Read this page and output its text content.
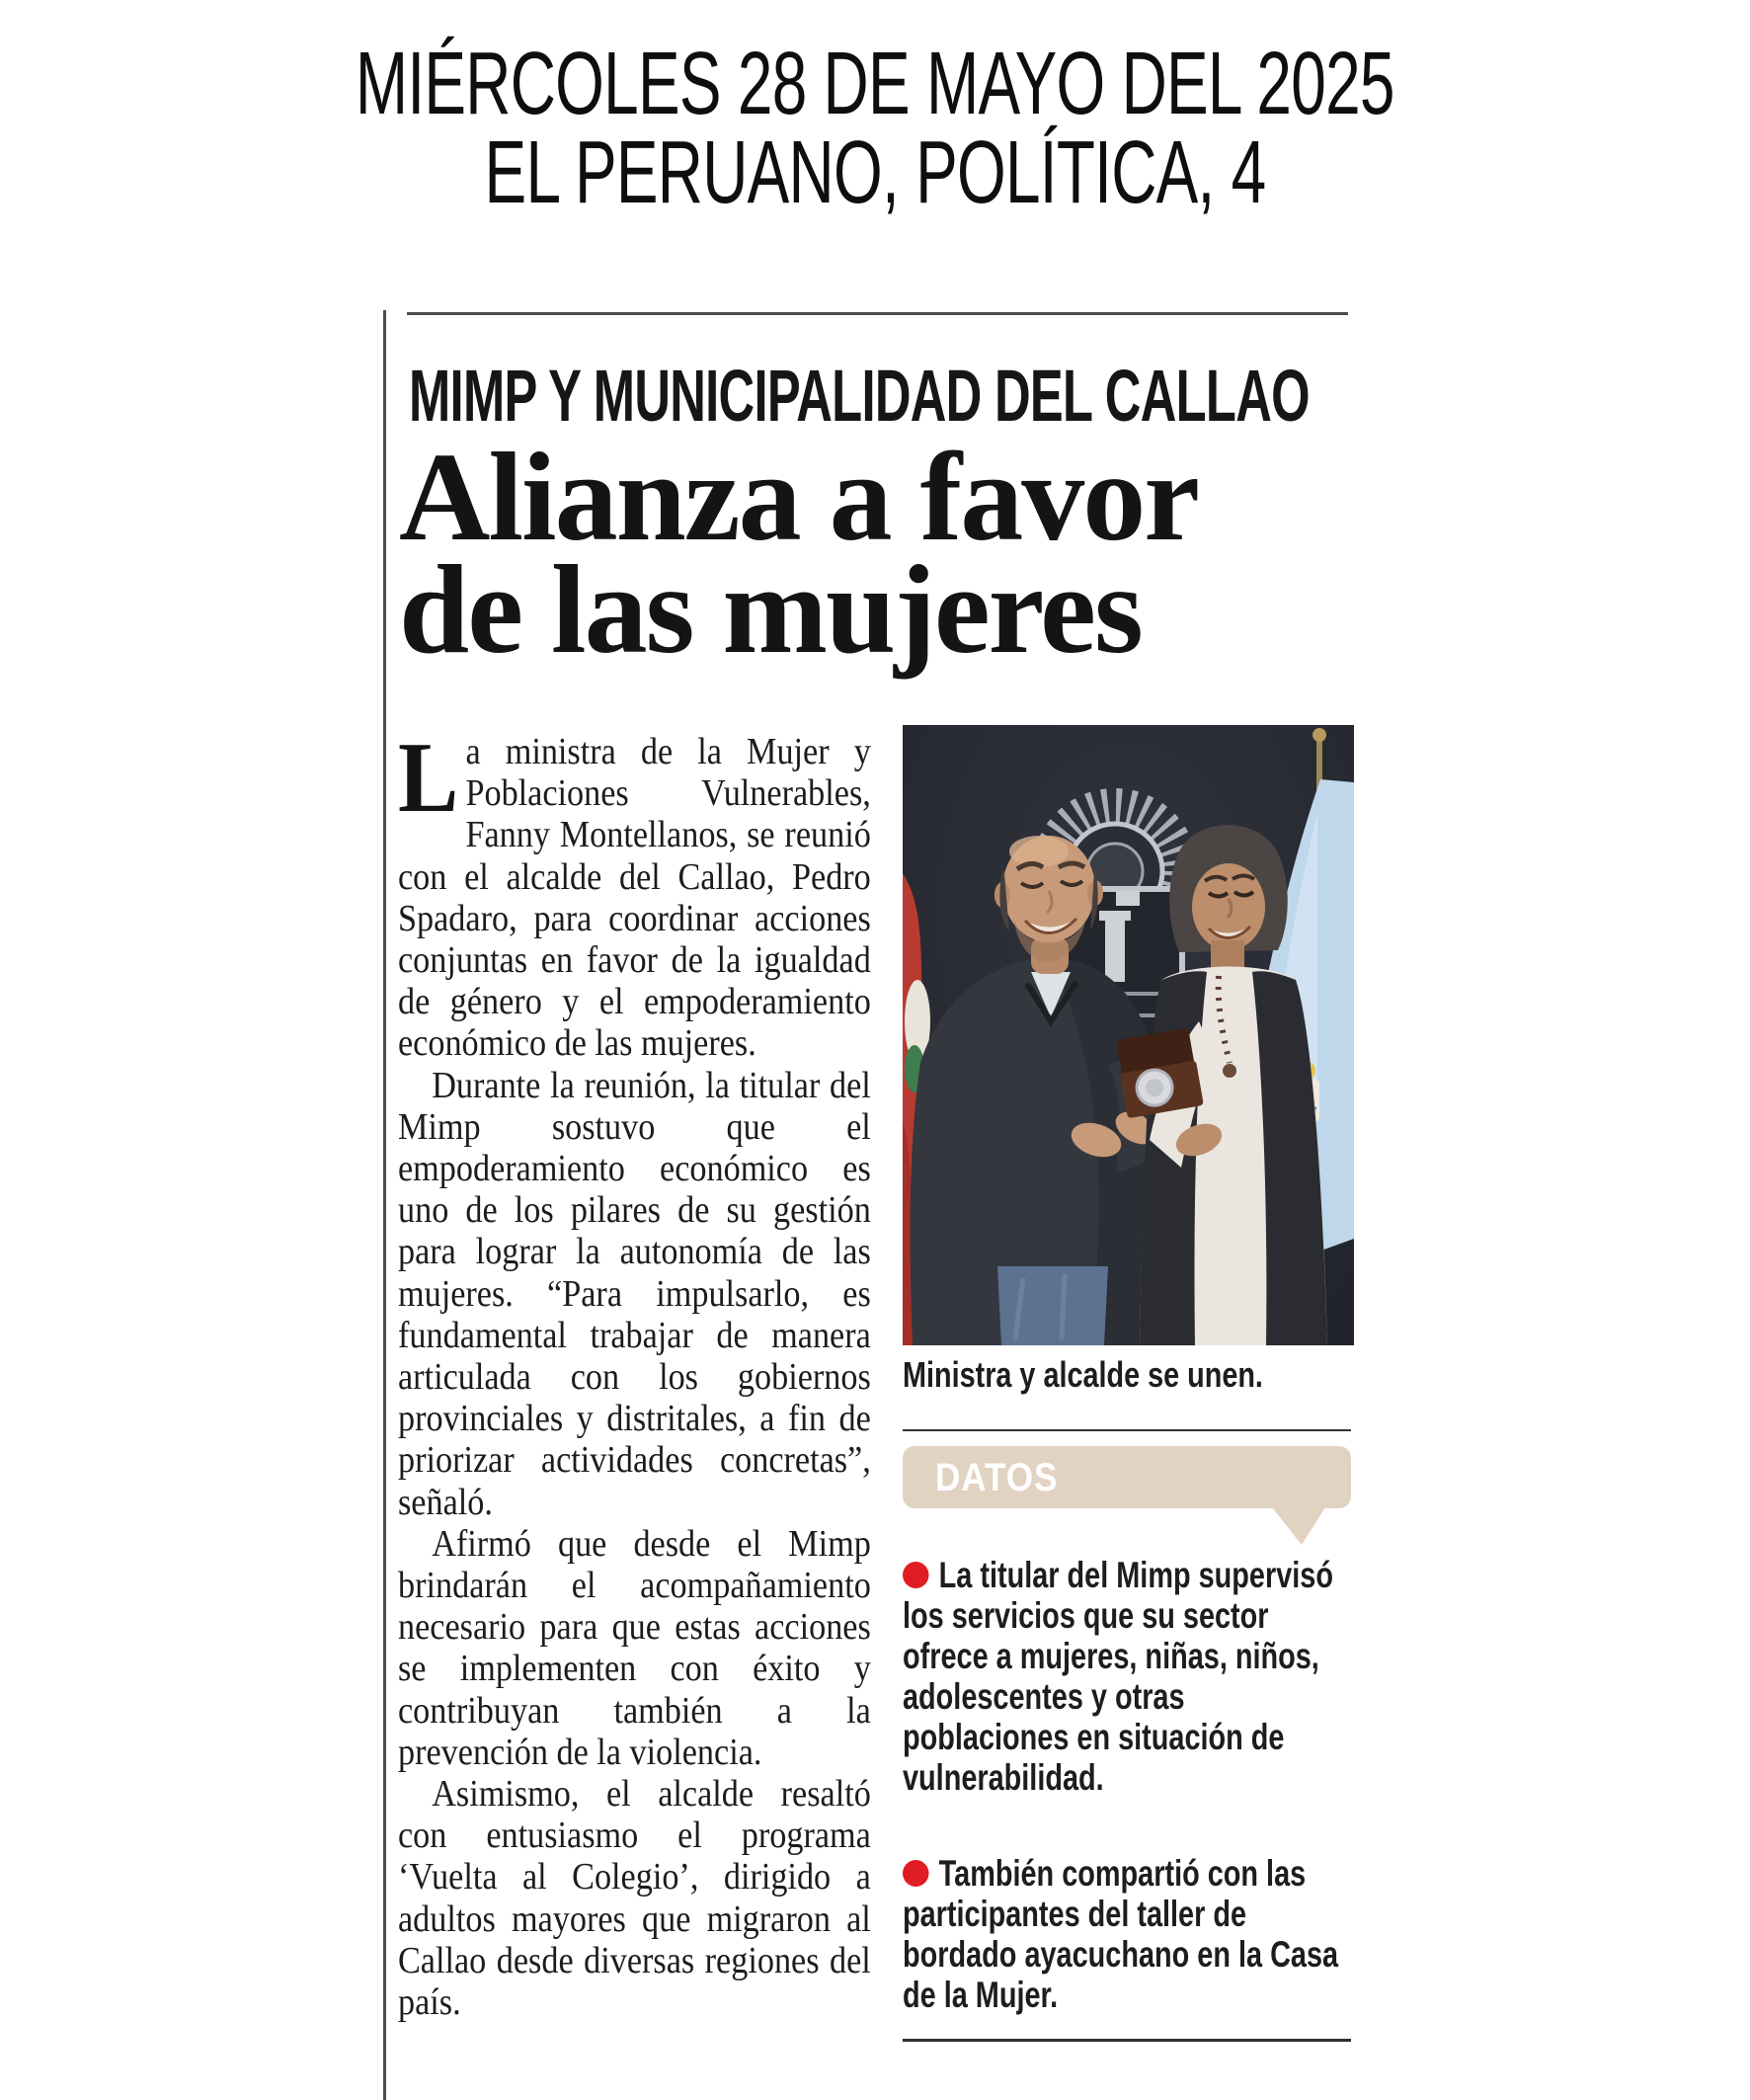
MIÉRCOLES 28 DE MAYO DEL 2025
EL PERUANO, POLÍTICA, 4
MIMP Y MUNICIPALIDAD DEL CALLAO
Alianza a favor
de las mujeres

La ministra de la Mujer y Poblaciones Vulnerables, Fanny Montellanos, se reunió con el alcalde del Callao, Pedro Spadaro, para coordinar acciones conjuntas en favor de la igualdad de género y el empoderamiento económico de las mujeres.

Durante la reunión, la titular del Mimp sostuvo que el empoderamiento económico es uno de los pilares de su gestión para lograr la autonomía de las mujeres. “Para impulsarlo, es fundamental trabajar de manera articulada con los gobiernos provinciales y distritales, a fin de priorizar actividades concretas”, señaló.

Afirmó que desde el Mimp brindarán el acompañamiento necesario para que estas acciones se implementen con éxito y contribuyan también a la prevención de la violencia.

Asimismo, el alcalde resaltó con entusiasmo el programa ‘Vuelta al Colegio’, dirigido a adultos mayores que migraron al Callao desde diversas regiones del país.

Ministra y alcalde se unen.
DATOS

La titular del Mimp supervisó los servicios que su sector ofrece a mujeres, niñas, niños, adolescentes y otras poblaciones en situación de vulnerabilidad.

También compartió con las participantes del taller de bordado ayacuchano en la Casa de la Mujer.
